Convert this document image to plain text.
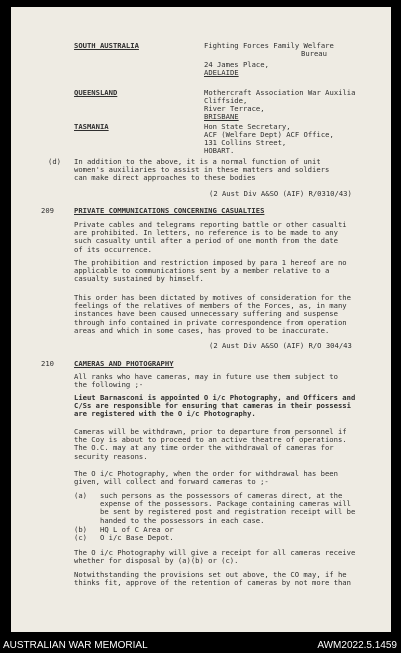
SOUTH AUSTRALIA	Fighting Forces Family Welfare
Bureau
24 James Place,
ADELAIDE
QUEENSLAND	Mothercraft Association War Auxilia
Cliffside,
River Terrace,
BRISBANE
TASMANIA	Hon State Secretary,
ACF (Welfare Dept) ACF Office,
131 Collins Street,
HOBART.
(d) In addition to the above, it is a normal function of unit
women's auxiliaries to assist in these matters and soldiers
can make direct approaches to these bodies
(2 Aust Div A&SO (AIF) R/0310/43)
209	PRIVATE COMMUNICATIONS CONCERNING CASUALTIES
Private cables and telegrams reporting battle or other casualti
are prohibited. In letters, no reference is to be made to any
such casualty until after a period of one month from the date
of its occurrence.
The prohibition and restriction imposed by para 1 hereof are no
applicable to communications sent by a member relative to a
casualty sustained by himself.
This order has been dictated by motives of consideration for the
feelings of the relatives of members of the Forces, as, in many
instances have been caused unnecessary suffering and suspense
through info contained in private correspondence from operation
areas and which in some cases, has proved to be inaccurate.
(2 Aust Div A&SO (AIF) R/O 304/43
210	CAMERAS AND PHOTOGRAPHY
All ranks who have cameras, may in future use them subject to
the following ;-
Lieut Barnasconi is appointed O i/c Photography, and Officers and
C/Ss are responsible for ensuring that cameras in their possessi
are registered with the O i/c Photography.
Cameras will be withdrawn, prior to departure from personnel if
the Coy is about to proceed to an active theatre of operations.
The O.C. may at any time order the withdrawal of cameras for
security reasons.
The O i/c Photography, when the order for withdrawal has been
given, will collect and forward cameras to ;-
(a) such persons as the possessors of cameras direct, at the
expense of the possessors. Package containing cameras will
be sent by registered post and registration receipt will be
handed to the possessors in each case.
(b) HQ L of C Area or
(c) O i/c Base Depot.
The O i/c Photography will give a receipt for all cameras receive
whether for disposal by (a)(b) or (c).
Notwithstanding the provisions set out above, the CO may, if he
thinks fit, approve of the retention of cameras by not more than
AUSTRALIAN WAR MEMORIAL	AWM2022.5.1459
